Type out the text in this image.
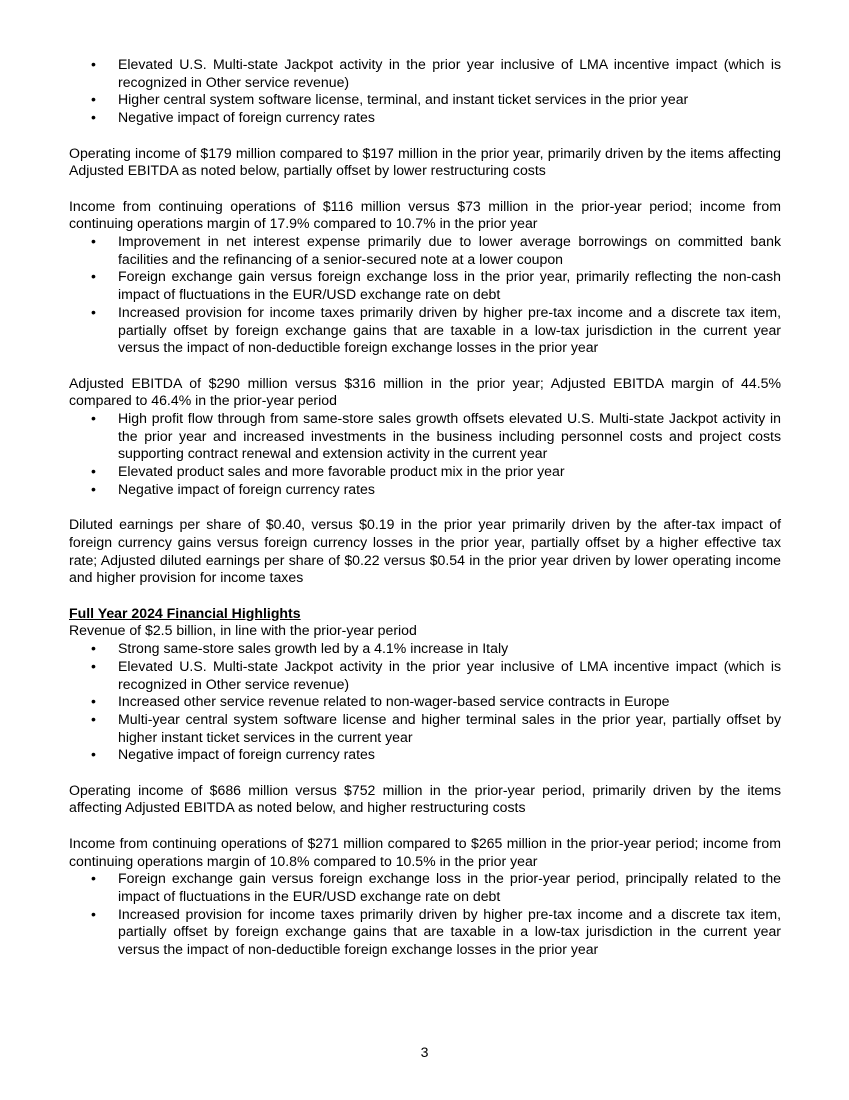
• Elevated U.S. Multi-state Jackpot activity in the prior year inclusive of LMA incentive impact (which is recognized in Other service revenue)
• Higher central system software license, terminal, and instant ticket services in the prior year
• Negative impact of foreign currency rates

Operating income of $179 million compared to $197 million in the prior year, primarily driven by the items affecting Adjusted EBITDA as noted below, partially offset by lower restructuring costs

Income from continuing operations of $116 million versus $73 million in the prior-year period; income from continuing operations margin of 17.9% compared to 10.7% in the prior year

• Improvement in net interest expense primarily due to lower average borrowings on committed bank facilities and the refinancing of a senior-secured note at a lower coupon
• Foreign exchange gain versus foreign exchange loss in the prior year, primarily reflecting the non-cash impact of fluctuations in the EUR/USD exchange rate on debt
• Increased provision for income taxes primarily driven by higher pre-tax income and a discrete tax item, partially offset by foreign exchange gains that are taxable in a low-tax jurisdiction in the current year versus the impact of non-deductible foreign exchange losses in the prior year

Adjusted EBITDA of $290 million versus $316 million in the prior year; Adjusted EBITDA margin of 44.5% compared to 46.4% in the prior-year period

• High profit flow through from same-store sales growth offsets elevated U.S. Multi-state Jackpot activity in the prior year and increased investments in the business including personnel costs and project costs supporting contract renewal and extension activity in the current year
• Elevated product sales and more favorable product mix in the prior year
• Negative impact of foreign currency rates

Diluted earnings per share of $0.40, versus $0.19 in the prior year primarily driven by the after-tax impact of foreign currency gains versus foreign currency losses in the prior year, partially offset by a higher effective tax rate; Adjusted diluted earnings per share of $0.22 versus $0.54 in the prior year driven by lower operating income and higher provision for income taxes

Full Year 2024 Financial Highlights

Revenue of $2.5 billion, in line with the prior-year period

• Strong same-store sales growth led by a 4.1% increase in Italy
• Elevated U.S. Multi-state Jackpot activity in the prior year inclusive of LMA incentive impact (which is recognized in Other service revenue)
• Increased other service revenue related to non-wager-based service contracts in Europe
• Multi-year central system software license and higher terminal sales in the prior year, partially offset by higher instant ticket services in the current year
• Negative impact of foreign currency rates

Operating income of $686 million versus $752 million in the prior-year period, primarily driven by the items affecting Adjusted EBITDA as noted below, and higher restructuring costs

Income from continuing operations of $271 million compared to $265 million in the prior-year period; income from continuing operations margin of 10.8% compared to 10.5% in the prior year

• Foreign exchange gain versus foreign exchange loss in the prior-year period, principally related to the impact of fluctuations in the EUR/USD exchange rate on debt
• Increased provision for income taxes primarily driven by higher pre-tax income and a discrete tax item, partially offset by foreign exchange gains that are taxable in a low-tax jurisdiction in the current year versus the impact of non-deductible foreign exchange losses in the prior year
3
